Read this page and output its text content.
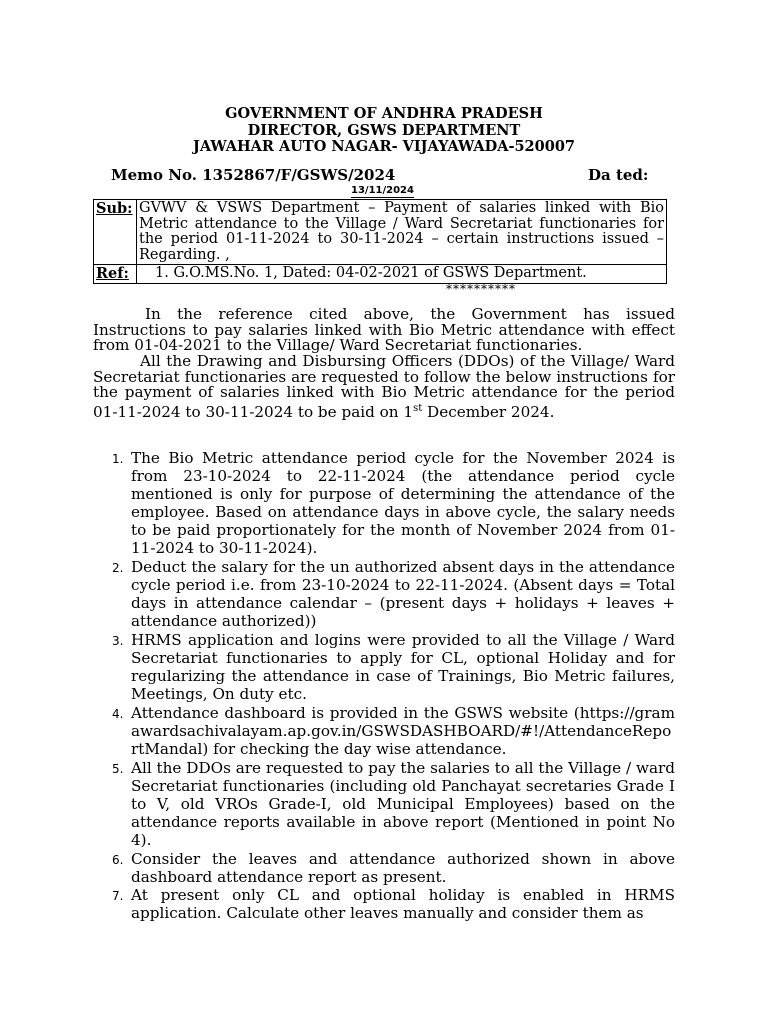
GOVERNMENT OF ANDHRA PRADESH
DIRECTOR, GSWS DEPARTMENT
JAWAHAR AUTO NAGAR- VIJAYAWADA-520007
Memo No. 1352867/F/GSWS/2024	Da ted:
13/11/2024
Sub:	GVWV & VSWS Department – Payment of salaries linked with Bio Metric attendance to the Village / Ward Secretariat functionaries for the period 01-11-2024 to 30-11-2024 – certain instructions issued – Regarding. ,
Ref:	1. G.O.MS.No. 1, Dated: 04-02-2021 of GSWS Department.
**********

In the reference cited above, the Government has issued Instructions to pay salaries linked with Bio Metric attendance with effect from 01-04-2021 to the Village/ Ward Secretariat functionaries.

All the Drawing and Disbursing Officers (DDOs) of the Village/ Ward Secretariat functionaries are requested to follow the below instructions for the payment of salaries linked with Bio Metric attendance for the period 01-11-2024 to 30-11-2024 to be paid on 1st December 2024.

1. The Bio Metric attendance period cycle for the November 2024 is from 23-10-2024 to 22-11-2024 (the attendance period cycle mentioned is only for purpose of determining the attendance of the employee. Based on attendance days in above cycle, the salary needs to be paid proportionately for the month of November 2024 from 01-11-2024 to 30-11-2024).
2. Deduct the salary for the un authorized absent days in the attendance cycle period i.e. from 23-10-2024 to 22-11-2024. (Absent days = Total days in attendance calendar – (present days + holidays + leaves + attendance authorized))
3. HRMS application and logins were provided to all the Village / Ward Secretariat functionaries to apply for CL, optional Holiday and for regularizing the attendance in case of Trainings, Bio Metric failures, Meetings, On duty etc.
4. Attendance dashboard is provided in the GSWS website (https://gramawardsachivalayam.ap.gov.in/GSWSDASHBOARD/#!/AttendanceReportMandal) for checking the day wise attendance.
5. All the DDOs are requested to pay the salaries to all the Village / ward Secretariat functionaries (including old Panchayat secretaries Grade I to V, old VROs Grade-I, old Municipal Employees) based on the attendance reports available in above report (Mentioned in point No 4).
6. Consider the leaves and attendance authorized shown in above dashboard attendance report as present.
7. At present only CL and optional holiday is enabled in HRMS application. Calculate other leaves manually and consider them as
